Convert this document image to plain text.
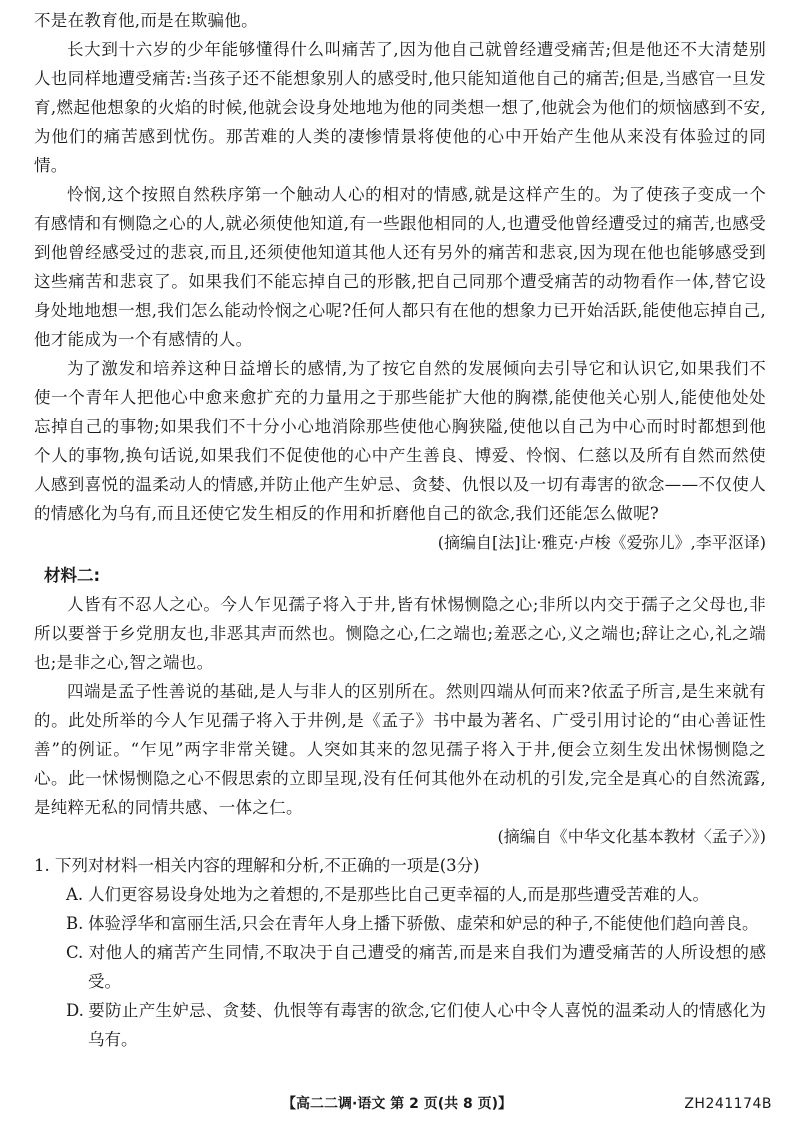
不是在教育他,而是在欺骗他。

长大到十六岁的少年能够懂得什么叫痛苦了,因为他自己就曾经遭受痛苦;但是他还不大清楚别人也同样地遭受痛苦:当孩子还不能想象别人的感受时,他只能知道他自己的痛苦;但是,当感官一旦发育,燃起他想象的火焰的时候,他就会设身处地地为他的同类想一想了,他就会为他们的烦恼感到不安,为他们的痛苦感到忧伤。那苦难的人类的凄惨情景将使他的心中开始产生他从来没有体验过的同情。

怜悯,这个按照自然秩序第一个触动人心的相对的情感,就是这样产生的。为了使孩子变成一个有感情和有恻隐之心的人,就必须使他知道,有一些跟他相同的人,也遭受他曾经遭受过的痛苦,也感受到他曾经感受过的悲哀,而且,还须使他知道其他人还有另外的痛苦和悲哀,因为现在他也能够感受到这些痛苦和悲哀了。如果我们不能忘掉自己的形骸,把自己同那个遭受痛苦的动物看作一体,替它设身处地地想一想,我们怎么能动怜悯之心呢?任何人都只有在他的想象力已开始活跃,能使他忘掉自己,他才能成为一个有感情的人。

为了激发和培养这种日益增长的感情,为了按它自然的发展倾向去引导它和认识它,如果我们不使一个青年人把他心中愈来愈扩充的力量用之于那些能扩大他的胸襟,能使他关心别人,能使他处处忘掉自己的事物;如果我们不十分小心地消除那些使他心胸狭隘,使他以自己为中心而时时都想到他个人的事物,换句话说,如果我们不促使他的心中产生善良、博爱、怜悯、仁慈以及所有自然而然使人感到喜悦的温柔动人的情感,并防止他产生妒忌、贪婪、仇恨以及一切有毒害的欲念——不仅使人的情感化为乌有,而且还使它发生相反的作用和折磨他自己的欲念,我们还能怎么做呢?

(摘编自[法]让·雅克·卢梭《爱弥儿》,李平沤译)

材料二:

人皆有不忍人之心。今人乍见孺子将入于井,皆有怵惕恻隐之心;非所以内交于孺子之父母也,非所以要誉于乡党朋友也,非恶其声而然也。恻隐之心,仁之端也;羞恶之心,义之端也;辞让之心,礼之端也;是非之心,智之端也。

四端是孟子性善说的基础,是人与非人的区别所在。然则四端从何而来?依孟子所言,是生来就有的。此处所举的今人乍见孺子将入于井例,是《孟子》书中最为著名、广受引用讨论的“由心善证性善”的例证。“乍见”两字非常关键。人突如其来的忽见孺子将入于井,便会立刻生发出怵惕恻隐之心。此一怵惕恻隐之心不假思索的立即呈现,没有任何其他外在动机的引发,完全是真心的自然流露,是纯粹无私的同情共感、一体之仁。

(摘编自《中华文化基本教材〈孟子〉》)

1. 下列对材料一相关内容的理解和分析,不正确的一项是(3分)

A. 人们更容易设身处地为之着想的,不是那些比自己更幸福的人,而是那些遭受苦难的人。

B. 体验浮华和富丽生活,只会在青年人身上播下骄傲、虚荣和妒忌的种子,不能使他们趋向善良。

C. 对他人的痛苦产生同情,不取决于自己遭受的痛苦,而是来自我们为遭受痛苦的人所设想的感受。

D. 要防止产生妒忌、贪婪、仇恨等有毒害的欲念,它们使人心中令人喜悦的温柔动人的情感化为乌有。

【高二二调·语文 第 2 页(共 8 页)】	ZH241174B
